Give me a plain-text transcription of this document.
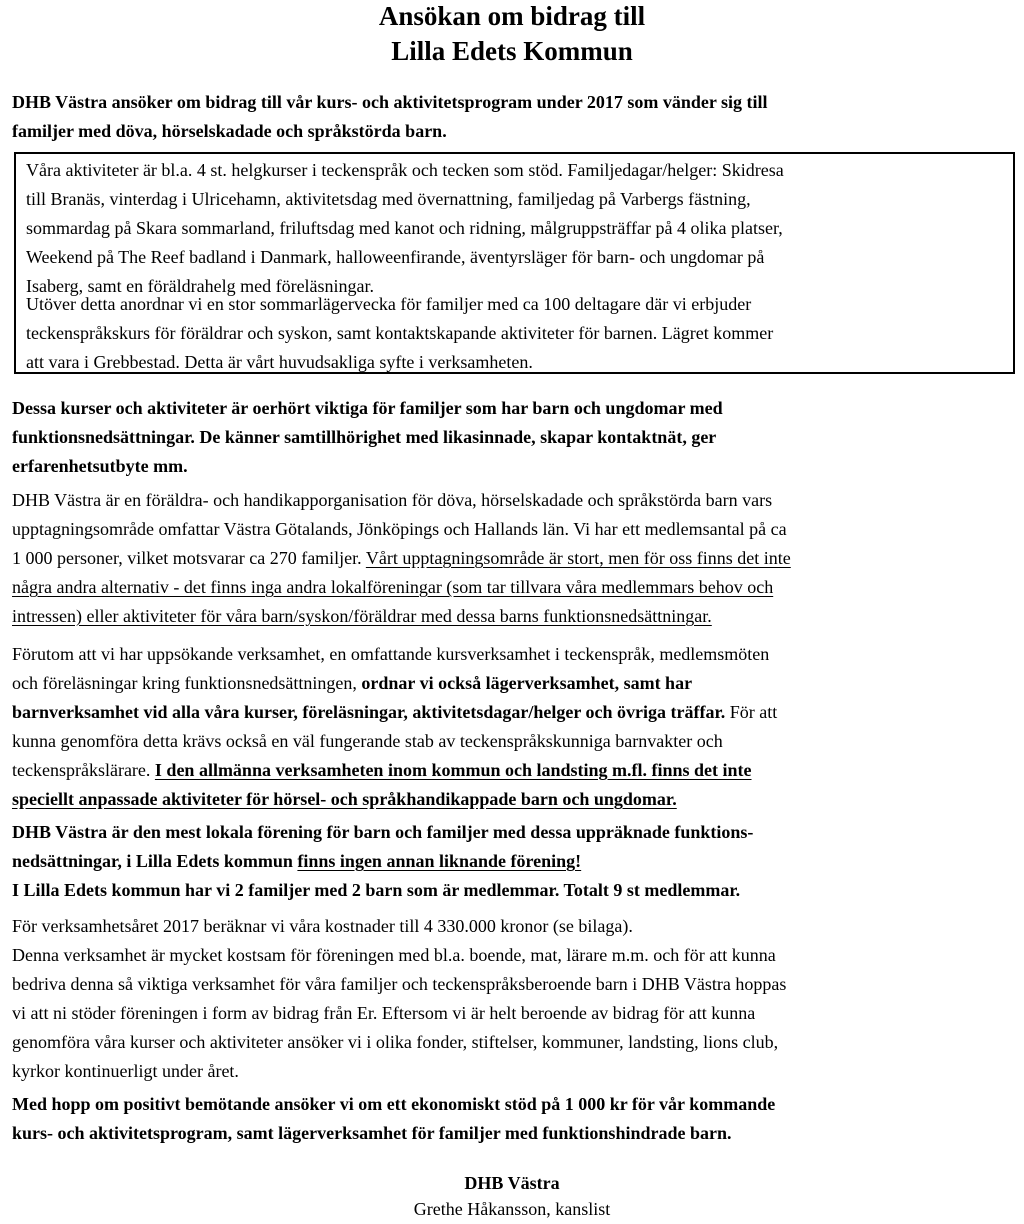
Ansökan om bidrag till
Lilla Edets Kommun

DHB Västra ansöker om bidrag till vår kurs- och aktivitetsprogram under 2017 som vänder sig till
familjer med döva, hörselskadade och språkstörda barn.

Våra aktiviteter är bl.a. 4 st. helgkurser i teckenspråk och tecken som stöd. Familjedagar/helger: Skidresa
till Branäs, vinterdag i Ulricehamn, aktivitetsdag med övernattning, familjedag på Varbergs fästning,
sommardag på Skara sommarland, friluftsdag med kanot och ridning, målgruppsträffar på 4 olika platser,
Weekend på The Reef badland i Danmark, halloweenfirande, äventyrsläger för barn- och ungdomar på
Isaberg, samt en föräldrahelg med föreläsningar.

Utöver detta anordnar vi en stor sommarlägervecka för familjer med ca 100 deltagare där vi erbjuder
teckenspråkskurs för föräldrar och syskon, samt kontaktskapande aktiviteter för barnen. Lägret kommer
att vara i Grebbestad. Detta är vårt huvudsakliga syfte i verksamheten.

Dessa kurser och aktiviteter är oerhört viktiga för familjer som har barn och ungdomar med
funktionsnedsättningar. De känner samtillhörighet med likasinnade, skapar kontaktnät, ger
erfarenhetsutbyte mm.

DHB Västra är en föräldra- och handikapporganisation för döva, hörselskadade och språkstörda barn vars
upptagningsområde omfattar Västra Götalands, Jönköpings och Hallands län. Vi har ett medlemsantal på ca
1 000 personer, vilket motsvarar ca 270 familjer. Vårt upptagningsområde är stort, men för oss finns det inte
några andra alternativ - det finns inga andra lokalföreningar (som tar tillvara våra medlemmars behov och
intressen) eller aktiviteter för våra barn/syskon/föräldrar med dessa barns funktionsnedsättningar.

Förutom att vi har uppsökande verksamhet, en omfattande kursverksamhet i teckenspråk, medlemsmöten
och föreläsningar kring funktionsnedsättningen, ordnar vi också lägerverksamhet, samt har
barnverksamhet vid alla våra kurser, föreläsningar, aktivitetsdagar/helger och övriga träffar. För att
kunna genomföra detta krävs också en väl fungerande stab av teckenspråkskunniga barnvakter och
teckenspråkslärare. I den allmänna verksamheten inom kommun och landsting m.fl. finns det inte
speciellt anpassade aktiviteter för hörsel- och språkhandikappade barn och ungdomar.

DHB Västra är den mest lokala förening för barn och familjer med dessa uppräknade funktions-
nedsättningar, i Lilla Edets kommun finns ingen annan liknande förening!
I Lilla Edets kommun har vi 2 familjer med 2 barn som är medlemmar. Totalt 9 st medlemmar.

För verksamhetsåret 2017 beräknar vi våra kostnader till 4 330.000 kronor (se bilaga).
Denna verksamhet är mycket kostsam för föreningen med bl.a. boende, mat, lärare m.m. och för att kunna
bedriva denna så viktiga verksamhet för våra familjer och teckenspråksberoende barn i DHB Västra hoppas
vi att ni stöder föreningen i form av bidrag från Er. Eftersom vi är helt beroende av bidrag för att kunna
genomföra våra kurser och aktiviteter ansöker vi i olika fonder, stiftelser, kommuner, landsting, lions club,
kyrkor kontinuerligt under året.

Med hopp om positivt bemötande ansöker vi om ett ekonomiskt stöd på 1 000 kr för vår kommande
kurs- och aktivitetsprogram, samt lägerverksamhet för familjer med funktionshindrade barn.

DHB Västra

Grethe Håkansson, kanslist
